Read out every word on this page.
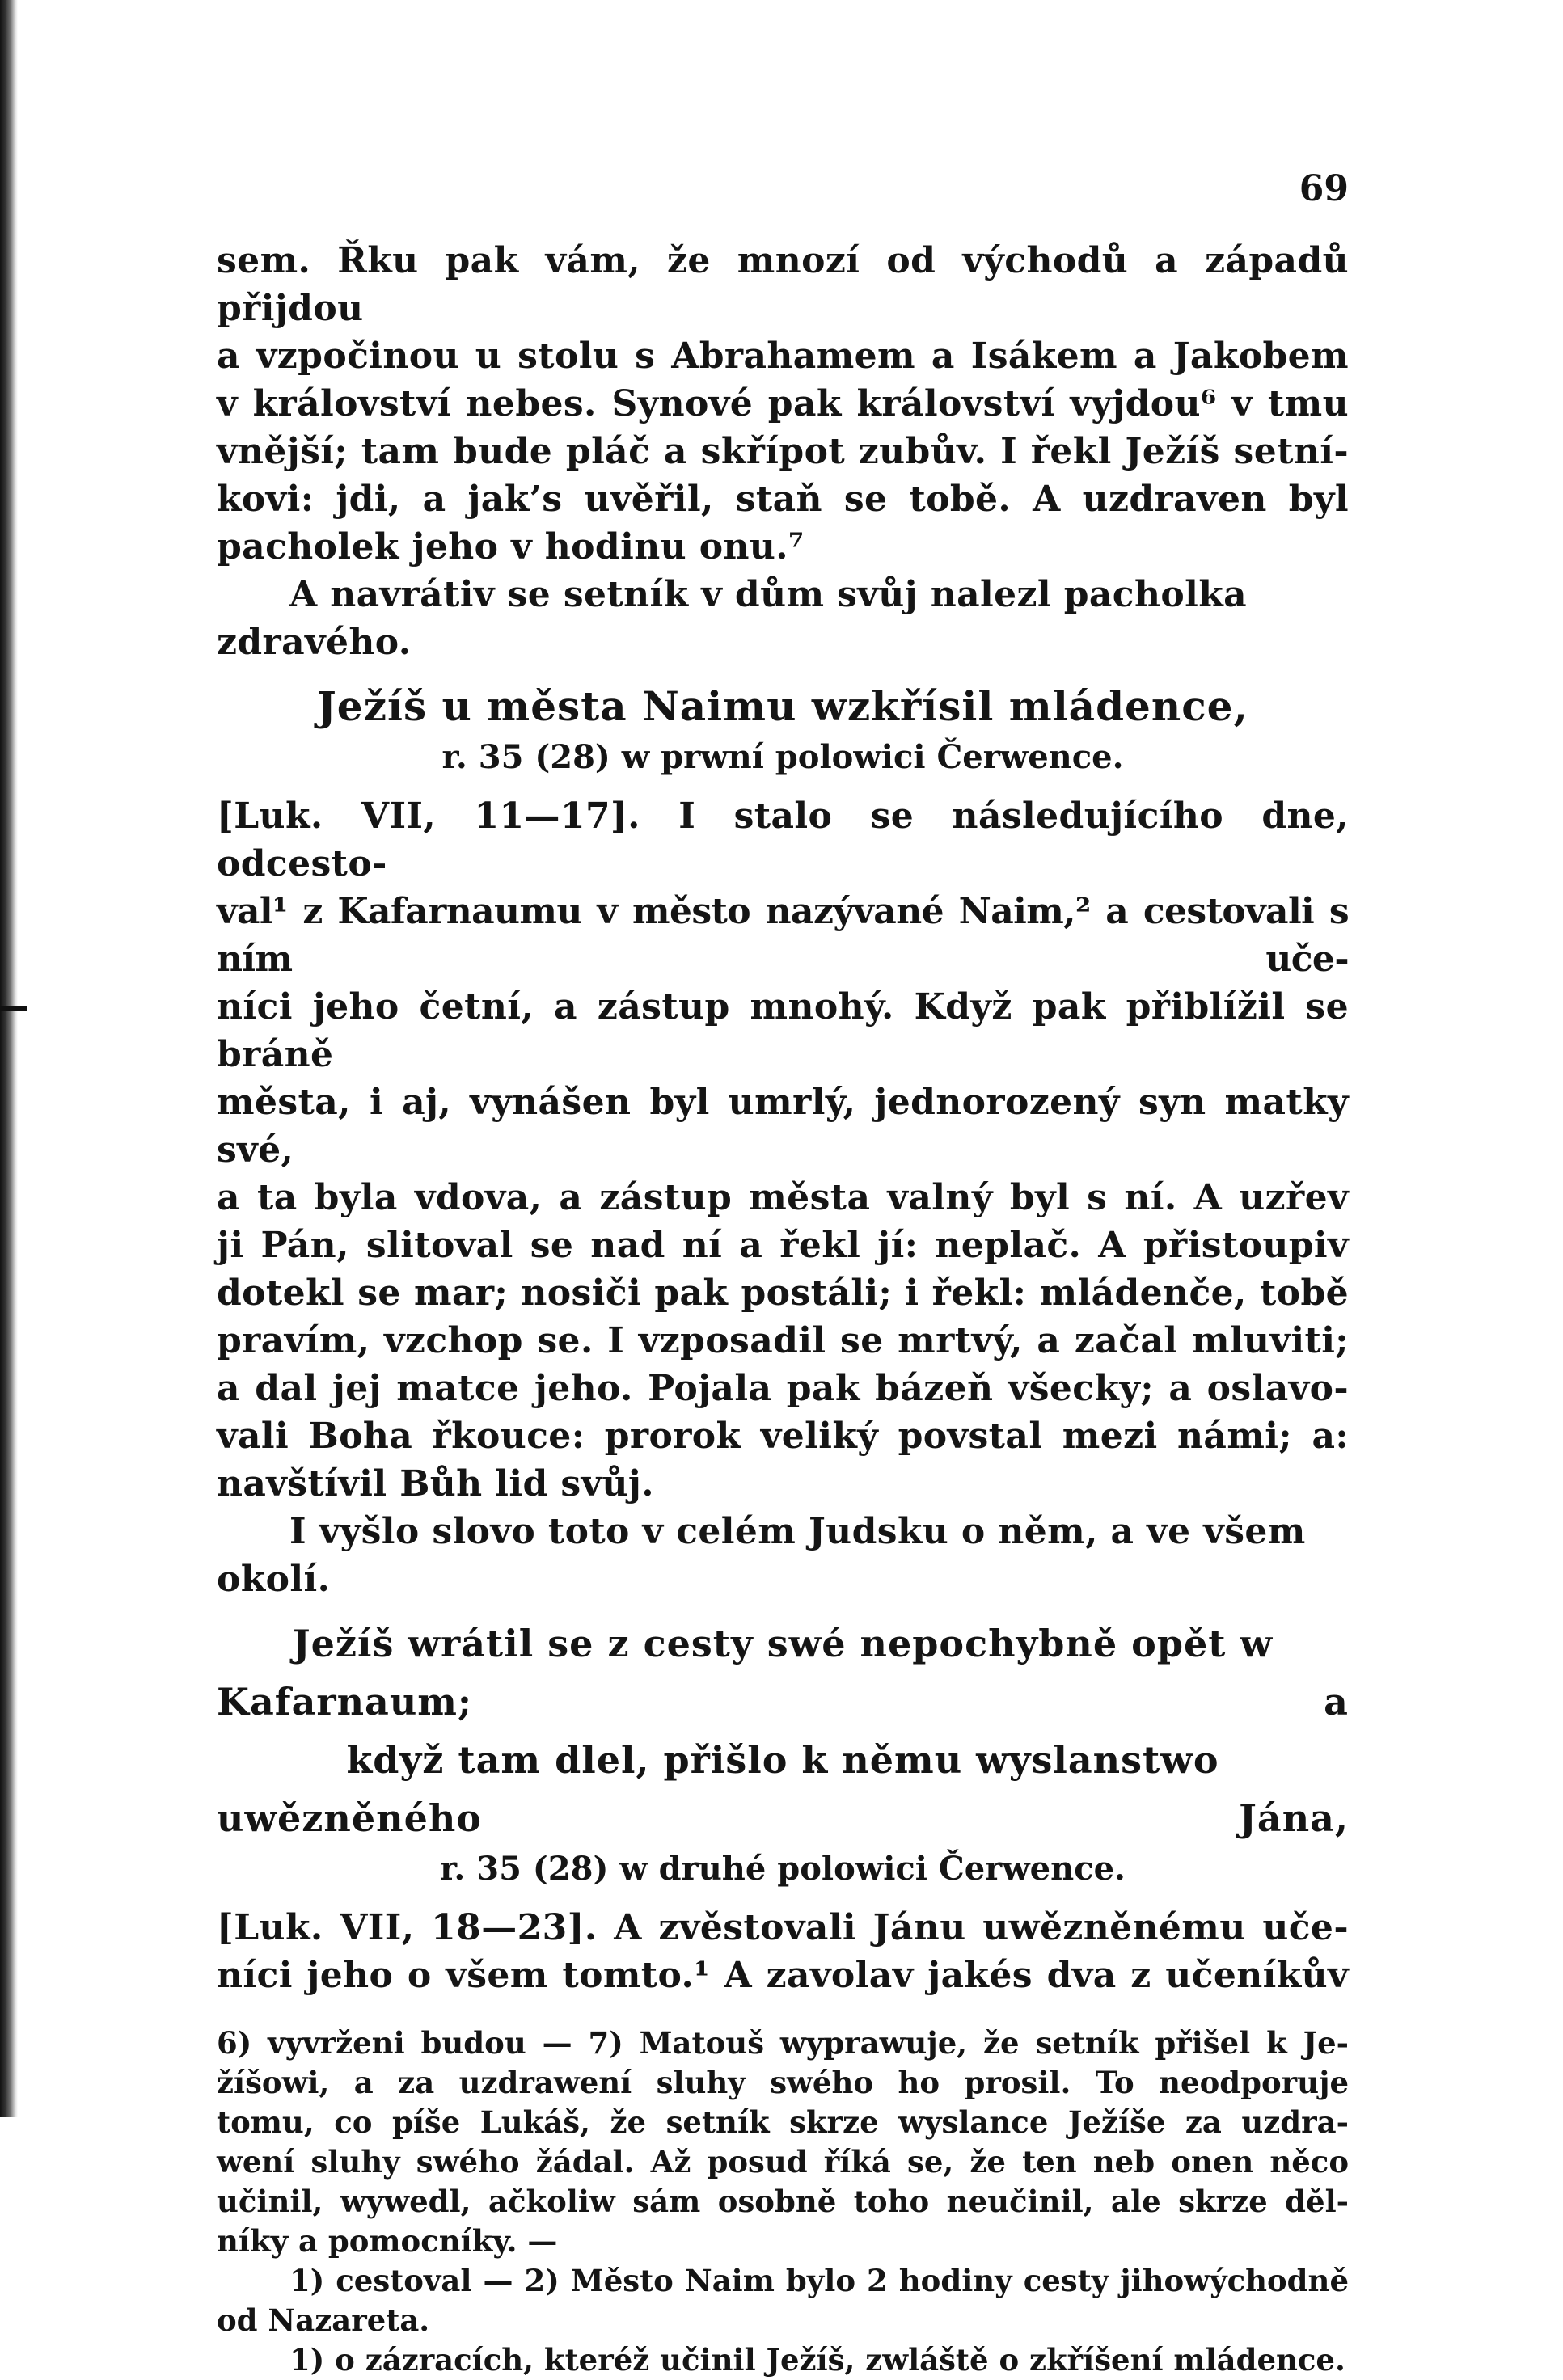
69

sem. Řku pak vám, že mnozí od východů a západů přijdou

a vzpočinou u stolu s Abrahamem a Isákem a Jakobem

v království nebes. Synové pak království vyjdou⁶ v tmu

vnější; tam bude pláč a skřípot zubův. I řekl Ježíš setní-

kovi: jdi, a jak’s uvěřil, staň se tobě. A uzdraven byl

pacholek jeho v hodinu onu.⁷

A navrátiv se setník v dům svůj nalezl pacholka zdravého.

Ježíš u města Naimu wzkřísil mládence,

r. 35 (28) w prwní polowici Čerwence.

[Luk. VII, 11—17]. I stalo se následujícího dne, odcesto-

val¹ z Kafarnaumu v město nazývané Naim,² a cestovali s ním uče-

níci jeho četní, a zástup mnohý. Když pak přiblížil se bráně

města, i aj, vynášen byl umrlý, jednorozený syn matky své,

a ta byla vdova, a zástup města valný byl s ní. A uzřev

ji Pán, slitoval se nad ní a řekl jí: neplač. A přistoupiv

dotekl se mar; nosiči pak postáli; i řekl: mládenče, tobě

pravím, vzchop se. I vzposadil se mrtvý, a začal mluviti;

a dal jej matce jeho. Pojala pak bázeň všecky; a oslavo-

vali Boha řkouce: prorok veliký povstal mezi námi; a:

navštívil Bůh lid svůj.

I vyšlo slovo toto v celém Judsku o něm, a ve všem okolí.

Ježíš wrátil se z cesty swé nepochybně opět w Kafarnaum; a

když tam dlel, přišlo k němu wyslanstwo uwězněného Jána,

r. 35 (28) w druhé polowici Čerwence.

[Luk. VII, 18—23]. A zvěstovali Jánu uwězněnému uče-

níci jeho o všem tomto.¹ A zavolav jakés dva z učeníkův

6) vyvrženi budou — 7) Matouš wyprawuje, že setník přišel k Je-

žíšowi, a za uzdrawení sluhy swého ho prosil. To neodporuje

tomu, co píše Lukáš, že setník skrze wyslance Ježíše za uzdra-

wení sluhy swého žádal. Až posud říká se, že ten neb onen něco

učinil, wywedl, ačkoliw sám osobně toho neučinil, ale skrze děl-

níky a pomocníky. —

1) cestoval — 2) Město Naim bylo 2 hodiny cesty jihowýchodně

od Nazareta.

1) o zázracích, kteréž učinil Ježíš, zwláště o zkříšení mládence.
